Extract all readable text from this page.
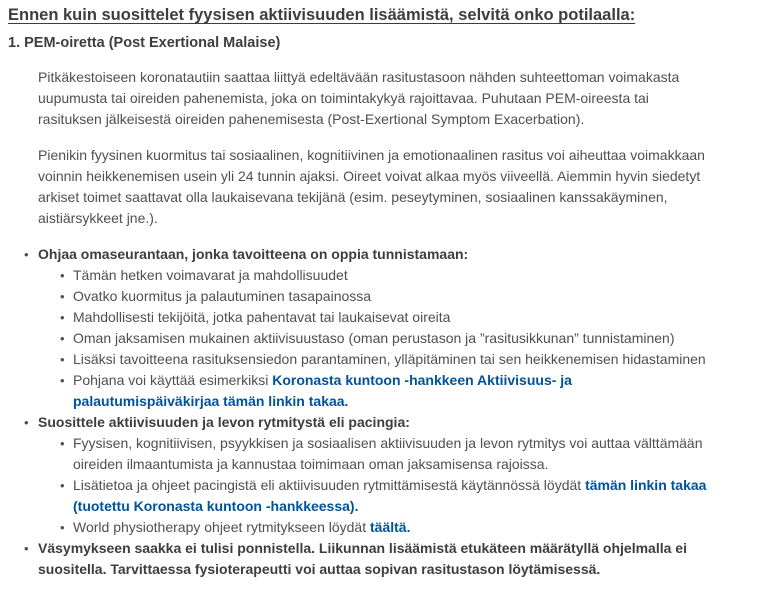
Ennen kuin suosittelet fyysisen aktiivisuuden lisäämistä, selvitä onko potilaalla:
1. PEM-oiretta (Post Exertional Malaise)

Pitkäkestoiseen koronatautiin saattaa liittyä edeltävään rasitustasoon nähden suhteettoman voimakasta uupumusta tai oireiden pahenemista, joka on toimintakykyä rajoittavaa. Puhutaan PEM-oireesta tai rasituksen jälkeisestä oireiden pahenemisesta (Post-Exertional Symptom Exacerbation).

Pienikin fyysinen kuormitus tai sosiaalinen, kognitiivinen ja emotionaalinen rasitus voi aiheuttaa voimakkaan voinnin heikkenemisen usein yli 24 tunnin ajaksi. Oireet voivat alkaa myös viiveellä. Aiemmin hyvin siedetyt arkiset toimet saattavat olla laukaisevana tekijänä (esim. peseytyminen, sosiaalinen kanssakäyminen, aistiärsykkeet jne.).

• Ohjaa omaseurantaan, jonka tavoitteena on oppia tunnistamaan:
• Tämän hetken voimavarat ja mahdollisuudet
• Ovatko kuormitus ja palautuminen tasapainossa
• Mahdollisesti tekijöitä, jotka pahentavat tai laukaisevat oireita
• Oman jaksamisen mukainen aktiivisuustaso (oman perustason ja ”rasitusikkunan” tunnistaminen)
• Lisäksi tavoitteena rasituksensiedon parantaminen, ylläpitäminen tai sen heikkenemisen hidastaminen
• Pohjana voi käyttää esimerkiksi Koronasta kuntoon -hankkeen Aktiivisuus- ja palautumispäiväkirjaa tämän linkin takaa.
• Suosittele aktiivisuuden ja levon rytmitystä eli pacingia:
• Fyysisen, kognitiivisen, psyykkisen ja sosiaalisen aktiivisuuden ja levon rytmitys voi auttaa välttämään oireiden ilmaantumista ja kannustaa toimimaan oman jaksamisensa rajoissa.
• Lisätietoa ja ohjeet pacingistä eli aktiivisuuden rytmittämisestä käytännössä löydät tämän linkin takaa (tuotettu Koronasta kuntoon -hankkeessa).
• World physiotherapy ohjeet rytmitykseen löydät täältä.
• Väsymykseen saakka ei tulisi ponnistella. Liikunnan lisäämistä etukäteen määrätyllä ohjelmalla ei suositella. Tarvittaessa fysioterapeutti voi auttaa sopivan rasitustason löytämisessä.
